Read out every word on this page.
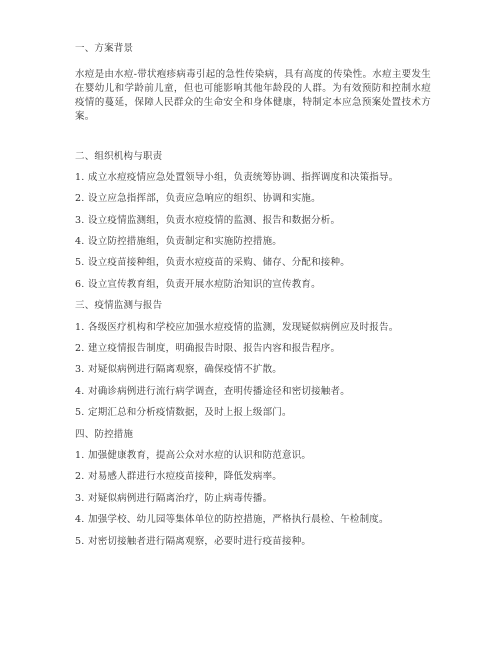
一、方案背景
水痘是由水痘-带状疱疹病毒引起的急性传染病，具有高度的传染性。水痘主要发生在婴幼儿和学龄前儿童，但也可能影响其他年龄段的人群。为有效预防和控制水痘疫情的蔓延，保障人民群众的生命安全和身体健康，特制定本应急预案处置技术方案。
二、组织机构与职责
1. 成立水痘疫情应急处置领导小组，负责统筹协调、指挥调度和决策指导。
2. 设立应急指挥部，负责应急响应的组织、协调和实施。
3. 设立疫情监测组，负责水痘疫情的监测、报告和数据分析。
4. 设立防控措施组，负责制定和实施防控措施。
5. 设立疫苗接种组，负责水痘疫苗的采购、储存、分配和接种。
6. 设立宣传教育组，负责开展水痘防治知识的宣传教育。
三、疫情监测与报告
1. 各级医疗机构和学校应加强水痘疫情的监测，发现疑似病例应及时报告。
2. 建立疫情报告制度，明确报告时限、报告内容和报告程序。
3. 对疑似病例进行隔离观察，确保疫情不扩散。
4. 对确诊病例进行流行病学调查，查明传播途径和密切接触者。
5. 定期汇总和分析疫情数据，及时上报上级部门。
四、防控措施
1. 加强健康教育，提高公众对水痘的认识和防范意识。
2. 对易感人群进行水痘疫苗接种，降低发病率。
3. 对疑似病例进行隔离治疗，防止病毒传播。
4. 加强学校、幼儿园等集体单位的防控措施，严格执行晨检、午检制度。
5. 对密切接触者进行隔离观察，必要时进行疫苗接种。
